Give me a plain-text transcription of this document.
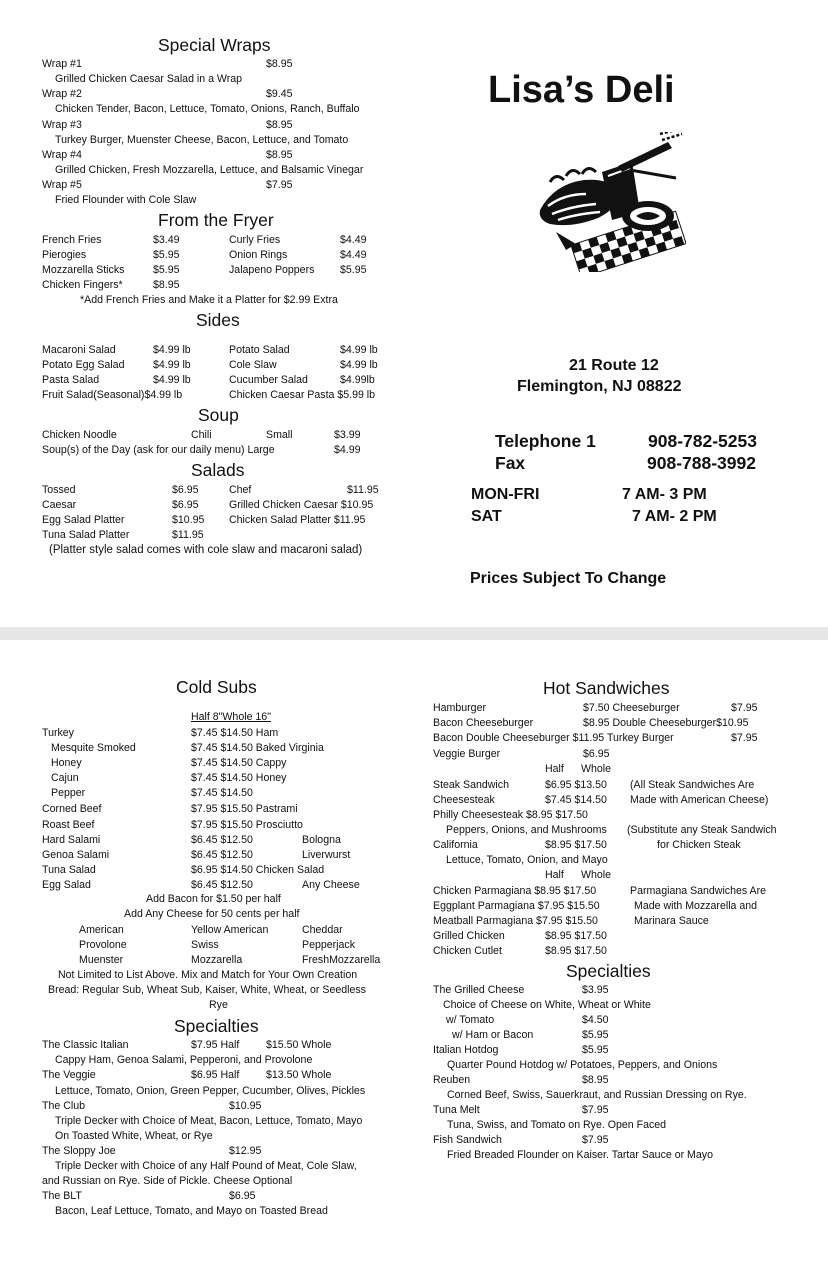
Special Wraps
Wrap #1	$8.95
Grilled Chicken Caesar Salad in a Wrap
Wrap #2	$9.45
Chicken Tender, Bacon, Lettuce, Tomato, Onions, Ranch, Buffalo
Wrap #3	$8.95
Turkey Burger, Muenster Cheese, Bacon, Lettuce, and Tomato
Wrap #4	$8.95
Grilled Chicken, Fresh Mozzarella, Lettuce, and Balsamic Vinegar
Wrap #5	$7.95
Fried Flounder with Cole Slaw
From the Fryer
French Fries	$3.49	Curly Fries	$4.49
Pierogies	$5.95	Onion Rings	$4.49
Mozzarella Sticks	$5.95	Jalapeno Poppers $5.95
Chicken Fingers*	$8.95
*Add French Fries and Make it a Platter for $2.99 Extra
Sides
Macaroni Salad	$4.99 lb	Potato Salad	$4.99 lb
Potato Egg Salad	$4.99 lb	Cole Slaw	$4.99 lb
Pasta Salad	$4.99 lb	Cucumber Salad	$4.99lb
Fruit Salad(Seasonal)$4.99 lb	Chicken Caesar Pasta $5.99 lb
Soup
Chicken Noodle	Chili	Small	$3.99
Soup(s) of the Day (ask for our daily menu) Large	$4.99
Salads
Tossed	$6.95	Chef	$11.95
Caesar	$6.95	Grilled Chicken Caesar $10.95
Egg Salad Platter	$10.95 Chicken Salad Platter $11.95
Tuna Salad Platter	$11.95
(Platter style salad comes with cole slaw and macaroni salad)
Lisa’s Deli
21 Route 12
Flemington, NJ 08822
Telephone 1	908-782-5253
Fax	908-788-3992
MON-FRI	7 AM- 3 PM
SAT	7 AM- 2 PM
Prices Subject To Change
Cold Subs
Half 8"Whole 16"
Turkey	$7.45 $14.50 Ham
Mesquite Smoked	$7.45 $14.50 Baked Virginia
Honey	$7.45 $14.50 Cappy
Cajun	$7.45 $14.50 Honey
Pepper	$7.45 $14.50
Corned Beef	$7.95 $15.50 Pastrami
Roast Beef	$7.95 $15.50 Prosciutto
Hard Salami	$6.45 $12.50	Bologna
Genoa Salami	$6.45 $12.50	Liverwurst
Tuna Salad	$6.95 $14.50 Chicken Salad
Egg Salad	$6.45 $12.50	Any Cheese
Add Bacon for $1.50 per half
Add Any Cheese for 50 cents per half
American	Yellow American	Cheddar
Provolone	Swiss	Pepperjack
Muenster	Mozzarella	FreshMozzarella
Not Limited to List Above. Mix and Match for Your Own Creation
Bread: Regular Sub, Wheat Sub, Kaiser, White, Wheat, or Seedless
Rye
Specialties
The Classic Italian	$7.95 Half	$15.50 Whole
Cappy Ham, Genoa Salami, Pepperoni, and Provolone
The Veggie	$6.95 Half	$13.50 Whole
Lettuce, Tomato, Onion, Green Pepper, Cucumber, Olives, Pickles
The Club	$10.95
Triple Decker with Choice of Meat, Bacon, Lettuce, Tomato, Mayo
On Toasted White, Wheat, or Rye
The Sloppy Joe	$12.95
Triple Decker with Choice of any Half Pound of Meat, Cole Slaw,
and Russian on Rye. Side of Pickle. Cheese Optional
The BLT	$6.95
Bacon, Leaf Lettuce, Tomato, and Mayo on Toasted Bread
Hot Sandwiches
Hamburger	$7.50 Cheeseburger	$7.95
Bacon Cheeseburger	$8.95 Double Cheeseburger$10.95
Bacon Double Cheeseburger $11.95 Turkey Burger	$7.95
Veggie Burger	$6.95
Half Whole
Steak Sandwich	$6.95 $13.50 (All Steak Sandwiches Are
Cheesesteak	$7.45 $14.50 Made with American Cheese)
Philly Cheesesteak $8.95 $17.50
Peppers, Onions, and Mushrooms (Substitute any Steak Sandwich
California	$8.95 $17.50	for Chicken Steak
Lettuce, Tomato, Onion, and Mayo
Half Whole
Chicken Parmagiana $8.95 $17.50	Parmagiana Sandwiches Are
Eggplant Parmagiana $7.95 $15.50	Made with Mozzarella and
Meatball Parmagiana $7.95 $15.50	Marinara Sauce
Grilled Chicken	$8.95 $17.50
Chicken Cutlet	$8.95 $17.50
Specialties
The Grilled Cheese	$3.95
Choice of Cheese on White, Wheat or White
w/ Tomato	$4.50
w/ Ham or Bacon	$5.95
Italian Hotdog	$5.95
Quarter Pound Hotdog w/ Potatoes, Peppers, and Onions
Reuben	$8.95
Corned Beef, Swiss, Sauerkraut, and Russian Dressing on Rye.
Tuna Melt	$7.95
Tuna, Swiss, and Tomato on Rye. Open Faced
Fish Sandwich	$7.95
Fried Breaded Flounder on Kaiser. Tartar Sauce or Mayo
